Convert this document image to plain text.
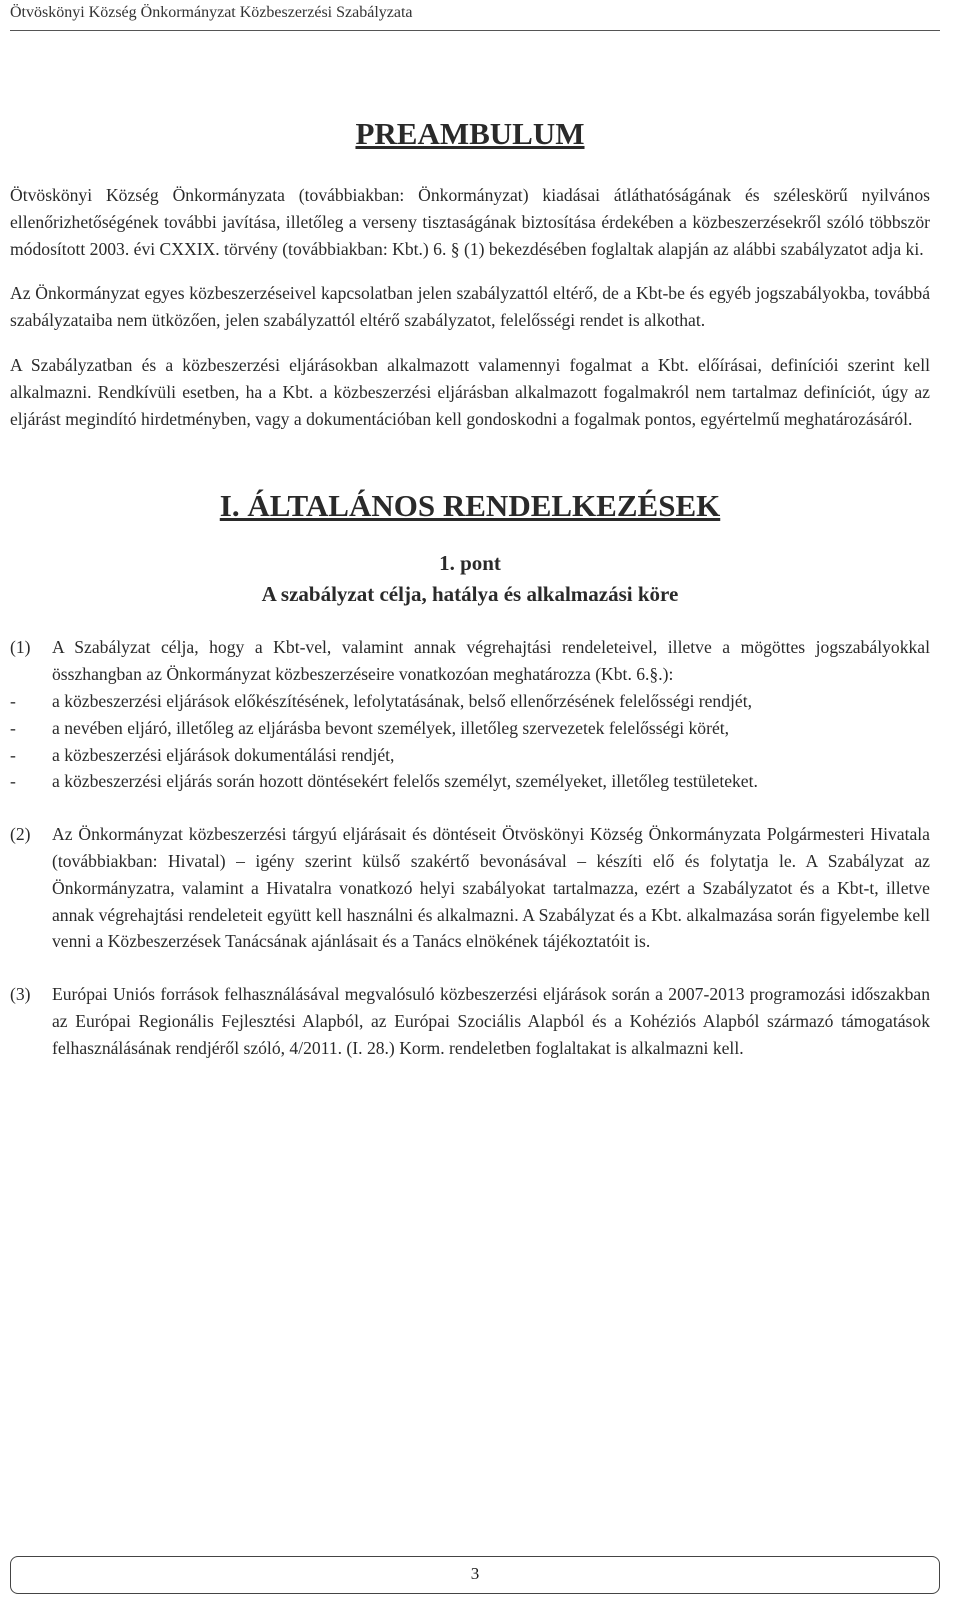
Ötvöskönyi Község Önkormányzat Közbeszerzési Szabályzata
PREAMBULUM

Ötvöskönyi Község Önkormányzata (továbbiakban: Önkormányzat) kiadásai átláthatóságának és széleskörű nyilvános ellenőrizhetőségének további javítása, illetőleg a verseny tisztaságának biztosítása érdekében a közbeszerzésekről szóló többször módosított 2003. évi CXXIX. törvény (továbbiakban: Kbt.) 6. § (1) bekezdésében foglaltak alapján az alábbi szabályzatot adja ki.

Az Önkormányzat egyes közbeszerzéseivel kapcsolatban jelen szabályzattól eltérő, de a Kbt-be és egyéb jogszabályokba, továbbá szabályzataiba nem ütközően, jelen szabályzattól eltérő szabályzatot, felelősségi rendet is alkothat.

A Szabályzatban és a közbeszerzési eljárásokban alkalmazott valamennyi fogalmat a Kbt. előírásai, definíciói szerint kell alkalmazni. Rendkívüli esetben, ha a Kbt. a közbeszerzési eljárásban alkalmazott fogalmakról nem tartalmaz definíciót, úgy az eljárást megindító hirdetményben, vagy a dokumentációban kell gondoskodni a fogalmak pontos, egyértelmű meghatározásáról.

I. ÁLTALÁNOS RENDELKEZÉSEK
1. pont
A szabályzat célja, hatálya és alkalmazási köre
(1)	A Szabályzat célja, hogy a Kbt-vel, valamint annak végrehajtási rendeleteivel, illetve a mögöttes jogszabályokkal összhangban az Önkormányzat közbeszerzéseire vonatkozóan meghatározza (Kbt. 6.§.):

-	a közbeszerzési eljárások előkészítésének, lefolytatásának, belső ellenőrzésének felelősségi rendjét,
-	a nevében eljáró, illetőleg az eljárásba bevont személyek, illetőleg szervezetek felelősségi körét,
-	a közbeszerzési eljárások dokumentálási rendjét,
-	a közbeszerzési eljárás során hozott döntésekért felelős személyt, személyeket, illetőleg testületeket.
(2)	Az Önkormányzat közbeszerzési tárgyú eljárásait és döntéseit Ötvöskönyi Község Önkormányzata Polgármesteri Hivatala (továbbiakban: Hivatal) – igény szerint külső szakértő bevonásával – készíti elő és folytatja le. A Szabályzat az Önkormányzatra, valamint a Hivatalra vonatkozó helyi szabályokat tartalmazza, ezért a Szabályzatot és a Kbt-t, illetve annak végrehajtási rendeleteit együtt kell használni és alkalmazni. A Szabályzat és a Kbt. alkalmazása során figyelembe kell venni a Közbeszerzések Tanácsának ajánlásait és a Tanács elnökének tájékoztatóit is.

(3)	Európai Uniós források felhasználásával megvalósuló közbeszerzési eljárások során a 2007-2013 programozási időszakban az Európai Regionális Fejlesztési Alapból, az Európai Szociális Alapból és a Kohéziós Alapból származó támogatások felhasználásának rendjéről szóló, 4/2011. (I. 28.) Korm. rendeletben foglaltakat is alkalmazni kell.

3
